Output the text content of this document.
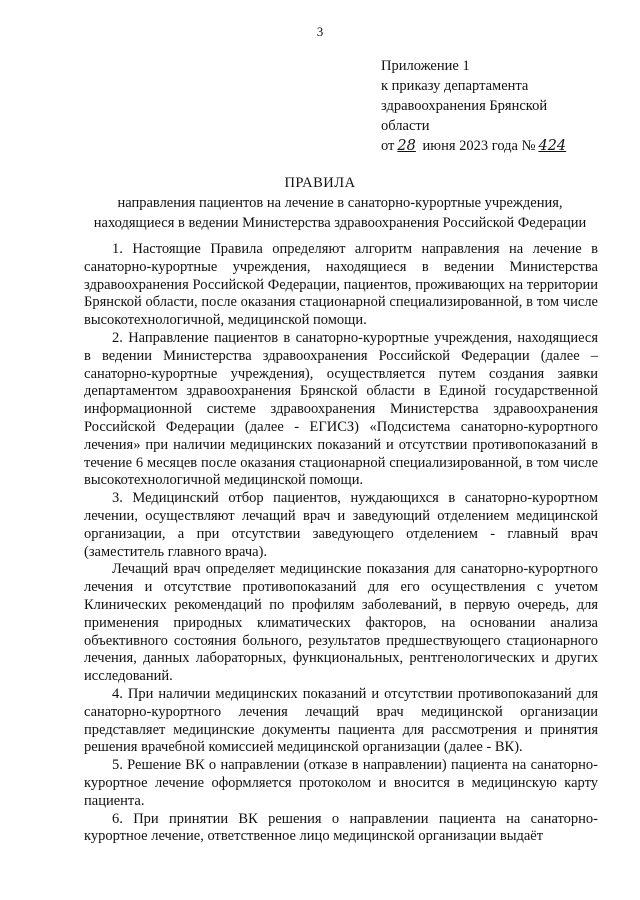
3
Приложение 1
к приказу департамента
здравоохранения Брянской
области
от 28 июня 2023 года № 424
ПРАВИЛА
направления пациентов на лечение в санаторно-курортные учреждения,
находящиеся в ведении Министерства здравоохранения Российской Федерации

1. Настоящие Правила определяют алгоритм направления на лечение в санаторно-курортные учреждения, находящиеся в ведении Министерства здравоохранения Российской Федерации, пациентов, проживающих на территории Брянской области, после оказания стационарной специализированной, в том числе высокотехнологичной, медицинской помощи.

2. Направление пациентов в санаторно-курортные учреждения, находящиеся в ведении Министерства здравоохранения Российской Федерации (далее – санаторно-курортные учреждения), осуществляется путем создания заявки департаментом здравоохранения Брянской области в Единой государственной информационной системе здравоохранения Министерства здравоохранения Российской Федерации (далее - ЕГИСЗ) «Подсистема санаторно-курортного лечения» при наличии медицинских показаний и отсутствии противопоказаний в течение 6 месяцев после оказания стационарной специализированной, в том числе высокотехнологичной медицинской помощи.

3. Медицинский отбор пациентов, нуждающихся в санаторно-курортном лечении, осуществляют лечащий врач и заведующий отделением медицинской организации, а при отсутствии заведующего отделением - главный врач (заместитель главного врача).

Лечащий врач определяет медицинские показания для санаторно-курортного лечения и отсутствие противопоказаний для его осуществления с учетом Клинических рекомендаций по профилям заболеваний, в первую очередь, для применения природных климатических факторов, на основании анализа объективного состояния больного, результатов предшествующего стационарного лечения, данных лабораторных, функциональных, рентгенологических и других исследований.

4. При наличии медицинских показаний и отсутствии противопоказаний для санаторно-курортного лечения лечащий врач медицинской организации представляет медицинские документы пациента для рассмотрения и принятия решения врачебной комиссией медицинской организации (далее - ВК).

5. Решение ВК о направлении (отказе в направлении) пациента на санаторно-курортное лечение оформляется протоколом и вносится в медицинскую карту пациента.

6. При принятии ВК решения о направлении пациента на санаторно-курортное лечение, ответственное лицо медицинской организации выдаёт
